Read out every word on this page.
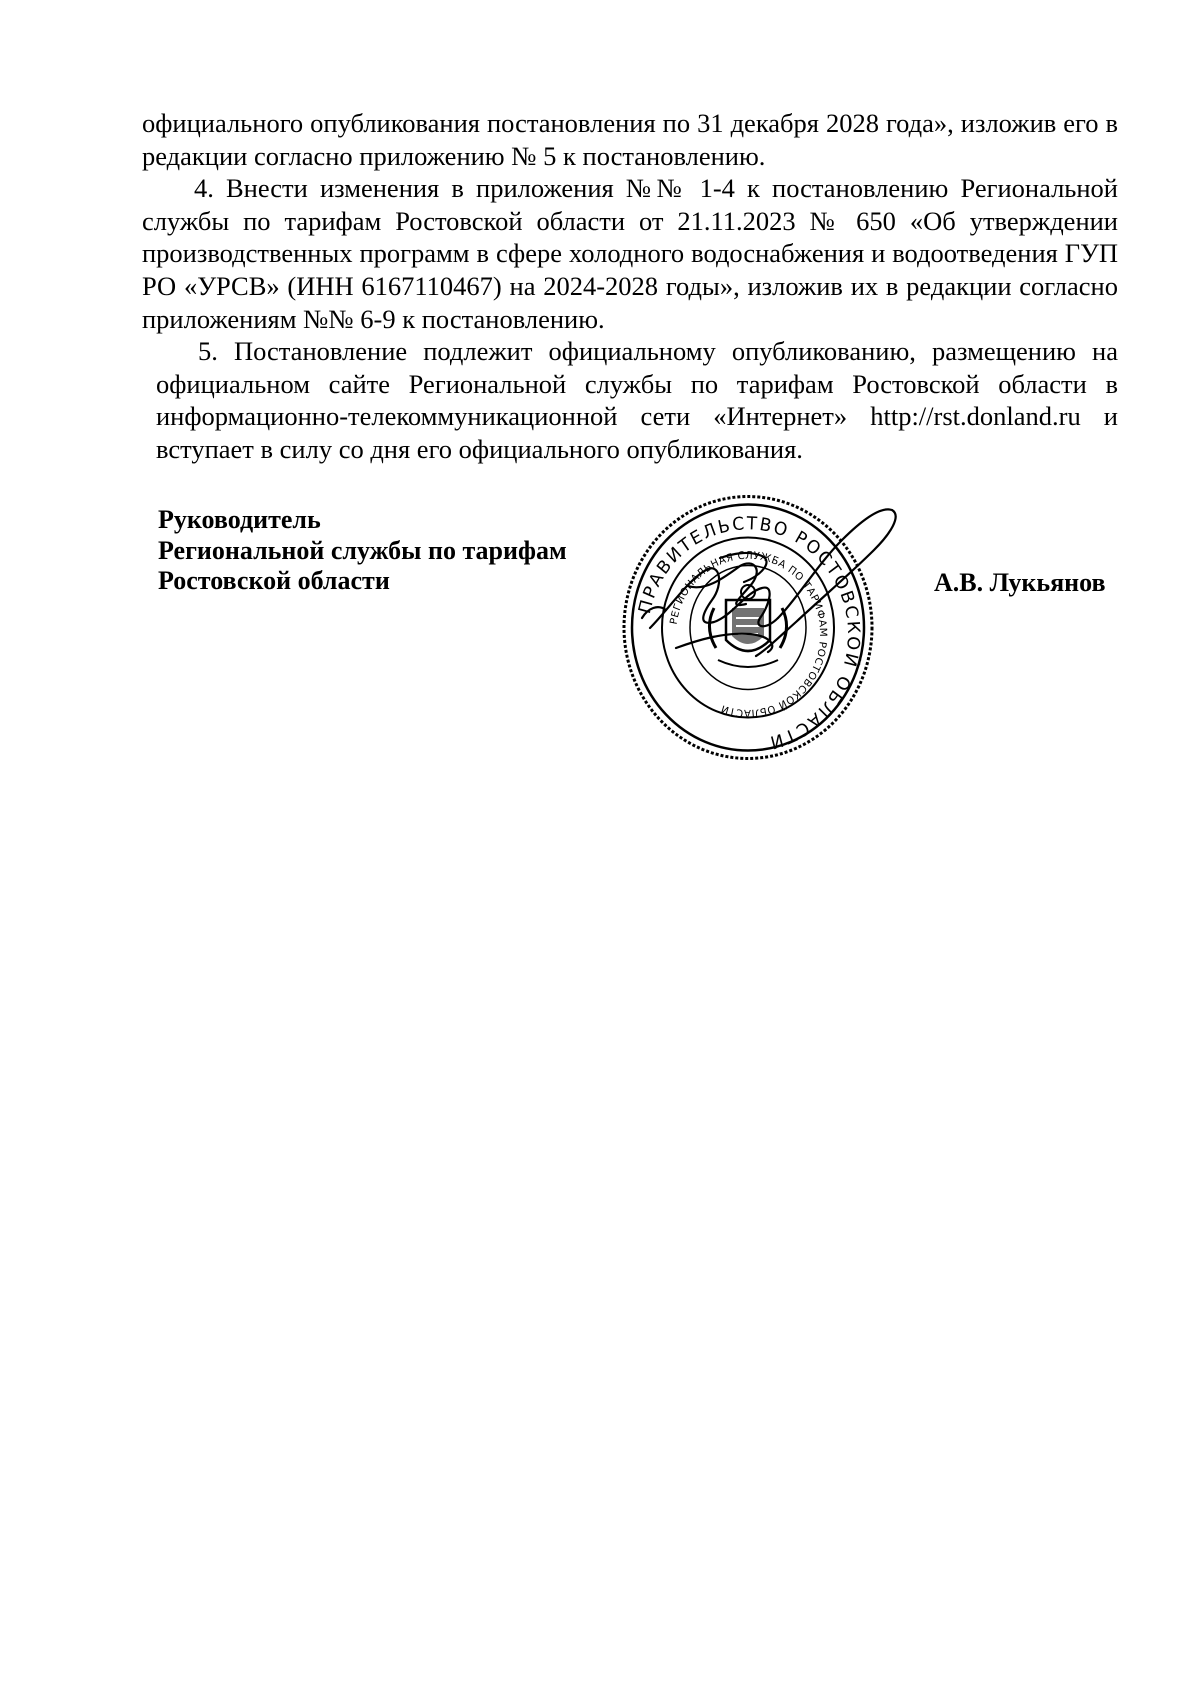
официального опубликования постановления по 31 декабря 2028 года», изложив его в редакции согласно приложению № 5 к постановлению.

4. Внести изменения в приложения №№ 1-4 к постановлению Региональной службы по тарифам Ростовской области от 21.11.2023 № 650 «Об утверждении производственных программ в сфере холодного водоснабжения и водоотведения ГУП РО «УРСВ» (ИНН 6167110467) на 2024-2028 годы», изложив их в редакции согласно приложениям №№ 6-9 к постановлению.

5. Постановление подлежит официальному опубликованию, размещению на официальном сайте Региональной службы по тарифам Ростовской области в информационно-телекоммуникационной сети «Интернет» http://rst.donland.ru и вступает в силу со дня его официального опубликования.

Руководитель
Региональной службы по тарифам
Ростовской области
ПРАВИТЕЛЬСТВО РОСТОВСКОЙ ОБЛАСТИ
РЕГИОНАЛЬНАЯ СЛУЖБА ПО ТАРИФАМ РОСТОВСКОЙ ОБЛАСТИ
А.В. Лукьянов
